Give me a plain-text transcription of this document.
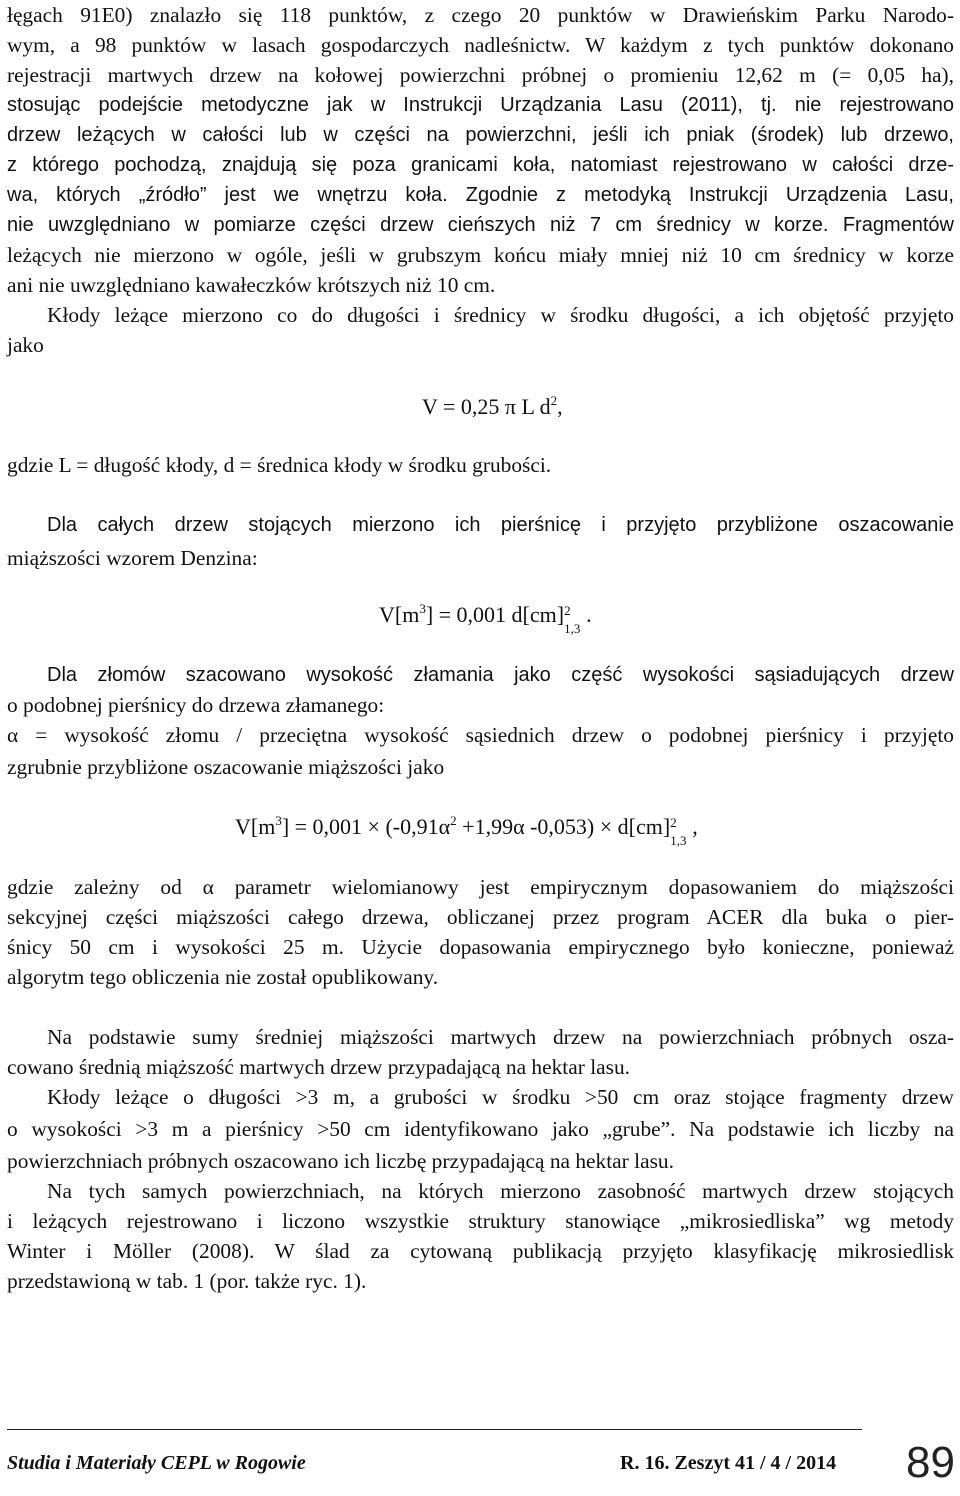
łęgach 91E0) znalazło się 118 punktów, z czego 20 punktów w Drawieńskim Parku Narodo-
wym, a 98 punktów w lasach gospodarczych nadleśnictw. W każdym z tych punktów dokonano
rejestracji martwych drzew na kołowej powierzchni próbnej o promieniu 12,62 m (= 0,05 ha),
stosując podejście metodyczne jak w Instrukcji Urządzania Lasu (2011), tj. nie rejestrowano
drzew leżących w całości lub w części na powierzchni, jeśli ich pniak (środek) lub drzewo,
z którego pochodzą, znajdują się poza granicami koła, natomiast rejestrowano w całości drze-
wa, których „źródło” jest we wnętrzu koła. Zgodnie z metodyką Instrukcji Urządzenia Lasu,
nie uwzględniano w pomiarze części drzew cieńszych niż 7 cm średnicy w korze. Fragmentów
leżących nie mierzono w ogóle, jeśli w grubszym końcu miały mniej niż 10 cm średnicy w korze
ani nie uwzględniano kawałeczków krótszych niż 10 cm.
Kłody leżące mierzono co do długości i średnicy w środku długości, a ich objętość przyjęto
jako
V = 0,25 π L $d^2$,
gdzie L = długość kłody, d = średnica kłody w środku grubości.
Dla całych drzew stojących mierzono ich pierśnicę i przyjęto przybliżone oszacowanie
miąższości wzorem Denzina:
$V[m^3] = 0,001$ d[cm] 2
1,3
.
Dla złomów szacowano wysokość złamania jako część wysokości sąsiadujących drzew
o podobnej pierśnicy do drzewa złamanego:
α = wysokość złomu / przeciętna wysokość sąsiednich drzew o podobnej pierśnicy i przyjęto
zgrubnie przybliżone oszacowanie miąższości jako
$V[m^3] = 0,001 \times (-0,91\alpha^2 +1,99\alpha$ -0,053) × d[cm] 2
1,3
,
gdzie zależny od α parametr wielomianowy jest empirycznym dopasowaniem do miąższości
sekcyjnej części miąższości całego drzewa, obliczanej przez program ACER dla buka o pier-
śnicy 50 cm i wysokości 25 m. Użycie dopasowania empirycznego było konieczne, ponieważ
algorytm tego obliczenia nie został opublikowany.
Na podstawie sumy średniej miąższości martwych drzew na powierzchniach próbnych osza-
cowano średnią miąższość martwych drzew przypadającą na hektar lasu.
Kłody leżące o długości >3 m, a grubości w środku >50 cm oraz stojące fragmenty drzew
o wysokości >3 m a pierśnicy >50 cm identyfikowano jako „grube”. Na podstawie ich liczby na
powierzchniach próbnych oszacowano ich liczbę przypadającą na hektar lasu.
Na tych samych powierzchniach, na których mierzono zasobność martwych drzew stojących
i leżących rejestrowano i liczono wszystkie struktury stanowiące „mikrosiedliska” wg metody
Winter i Möller (2008). W ślad za cytowaną publikacją przyjęto klasyfikację mikrosiedlisk
przedstawioną w tab. 1 (por. także ryc. 1).
Studia i Materiały CEPL w Rogowie	R. 16. Zeszyt 41 / 4 / 2014 89
